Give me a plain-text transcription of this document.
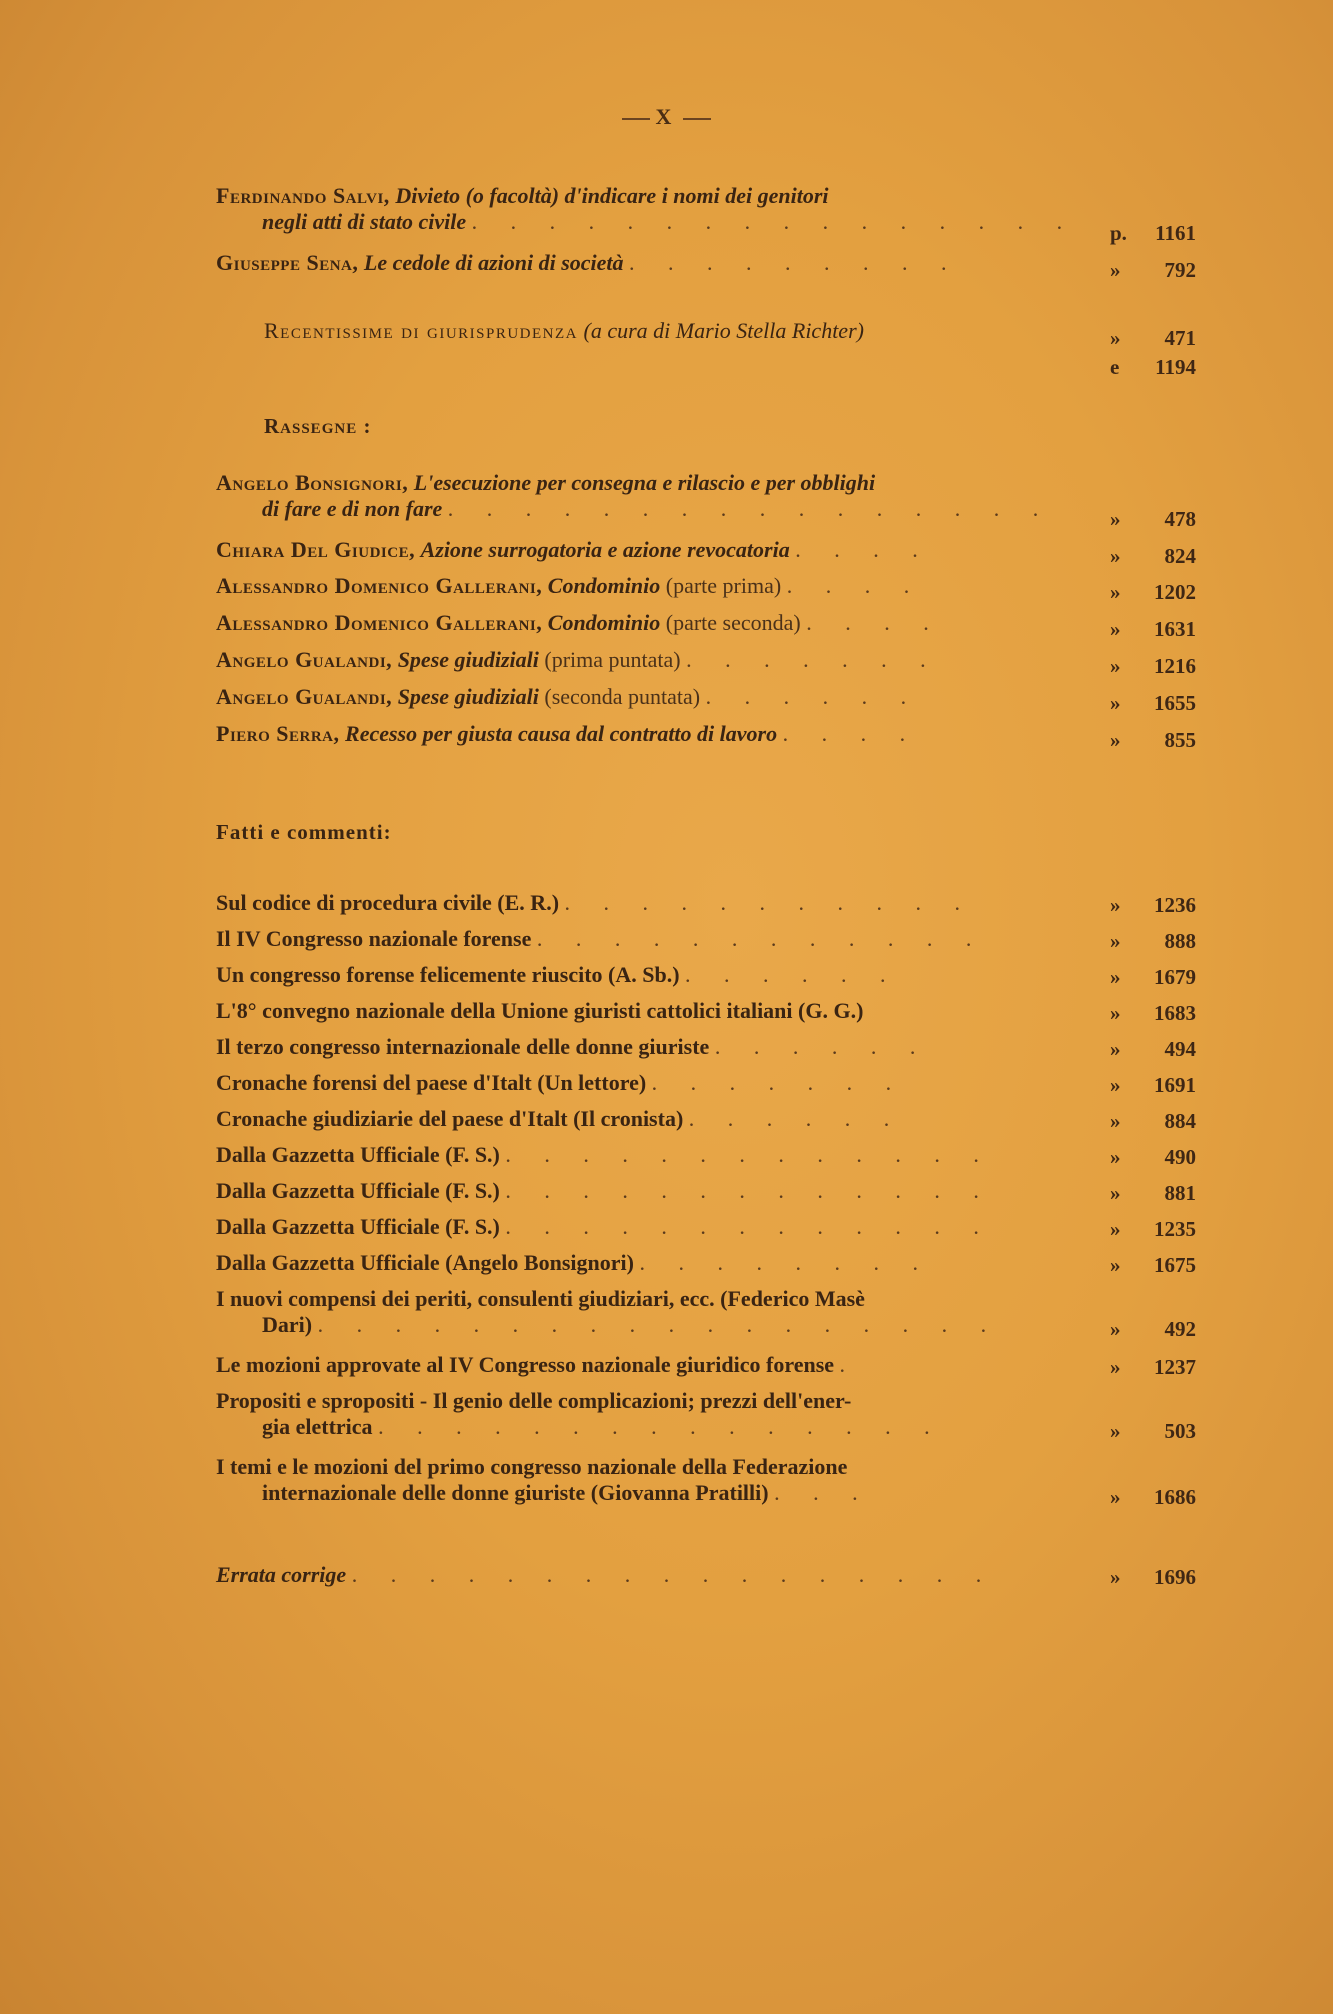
X
Ferdinando Salvi, Divieto (o facoltà) d'indicare i nomi dei genitori
negli atti di stato civile . . . . . . . . . . . . . . . .	p. 1161
Giuseppe Sena, Le cedole di azioni di società . . . . . . . . .	» 792
Recentissime di giurisprudenza (a cura di Mario Stella Richter)	» 471
e 1194
Rassegne :
Angelo Bonsignori, L'esecuzione per consegna e rilascio e per obblighi
di fare e di non fare . . . . . . . . . . . . . . . .	» 478
Chiara Del Giudice, Azione surrogatoria e azione revocatoria . . . .	» 824
Alessandro Domenico Gallerani, Condominio (parte prima) . . . .	» 1202
Alessandro Domenico Gallerani, Condominio (parte seconda) . . . .	» 1631
Angelo Gualandi, Spese giudiziali (prima puntata) . . . . . . .	» 1216
Angelo Gualandi, Spese giudiziali (seconda puntata) . . . . . .	» 1655
Piero Serra, Recesso per giusta causa dal contratto di lavoro . . . .	» 855
Fatti e commenti:
Sul codice di procedura civile (E. R.) . . . . . . . . . . .	» 1236
Il IV Congresso nazionale forense . . . . . . . . . . . .	» 888
Un congresso forense felicemente riuscito (A. Sb.) . . . . . .	» 1679
L'8° convegno nazionale della Unione giuristi cattolici italiani (G. G.)	» 1683
Il terzo congresso internazionale delle donne giuriste . . . . . .	» 494
Cronache forensi del paese d'Italt (Un lettore) . . . . . . .	» 1691
Cronache giudiziarie del paese d'Italt (Il cronista) . . . . . .	» 884
Dalla Gazzetta Ufficiale (F. S.) . . . . . . . . . . . . .	» 490
Dalla Gazzetta Ufficiale (F. S.) . . . . . . . . . . . . .	» 881
Dalla Gazzetta Ufficiale (F. S.) . . . . . . . . . . . . .	» 1235
Dalla Gazzetta Ufficiale (Angelo Bonsignori) . . . . . . . .	» 1675
I nuovi compensi dei periti, consulenti giudiziari, ecc. (Federico Masè
Dari) . . . . . . . . . . . . . . . . . .	» 492
Le mozioni approvate al IV Congresso nazionale giuridico forense .	» 1237
Propositi e spropositi - Il genio delle complicazioni; prezzi dell'ener-
gia elettrica . . . . . . . . . . . . . . .	» 503
I temi e le mozioni del primo congresso nazionale della Federazione
internazionale delle donne giuriste (Giovanna Pratilli) . . .	» 1686
Errata corrige . . . . . . . . . . . . . . . . .	» 1696
